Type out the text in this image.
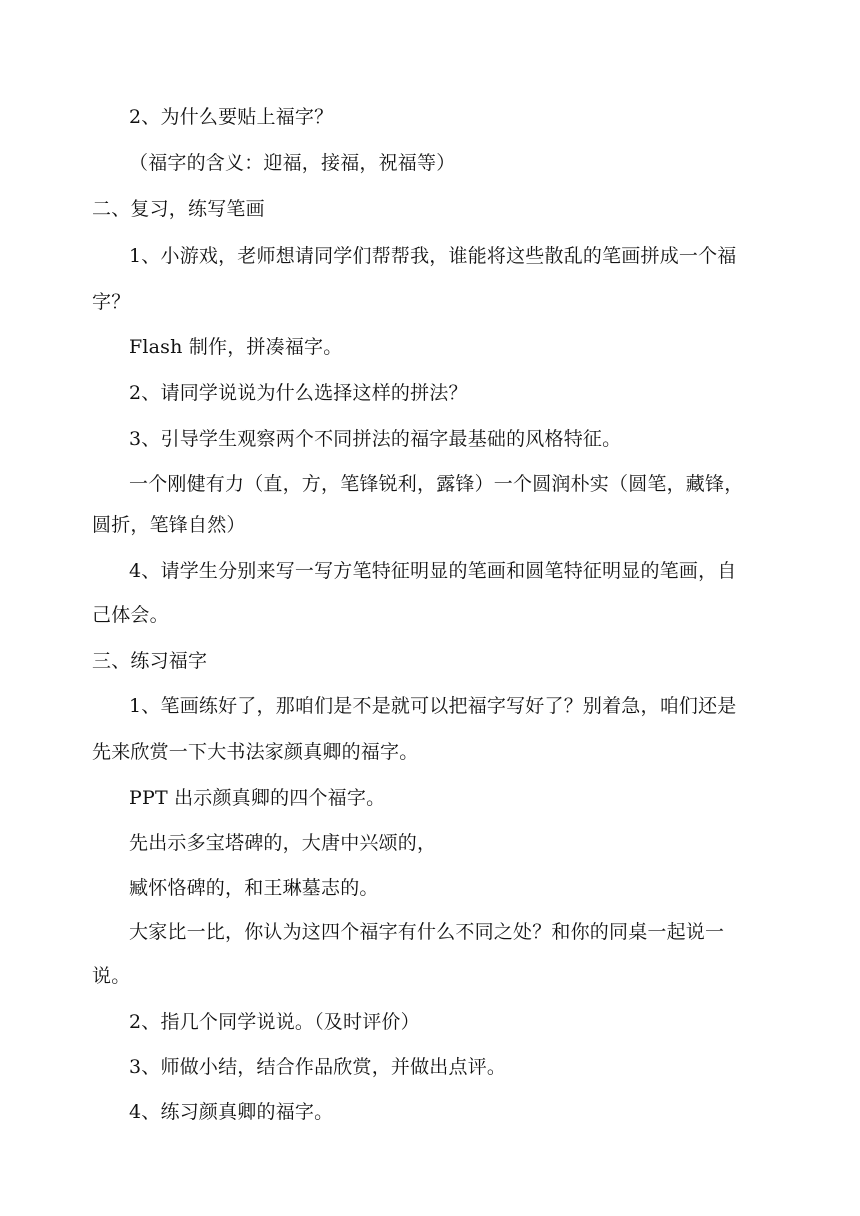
2、为什么要贴上福字？
（福字的含义：迎福，接福，祝福等）
二、复习，练写笔画
1、小游戏，老师想请同学们帮帮我，谁能将这些散乱的笔画拼成一个福
字？
Flash 制作，拼凑福字。
2、请同学说说为什么选择这样的拼法？
3、引导学生观察两个不同拼法的福字最基础的风格特征。
一个刚健有力（直，方，笔锋锐利，露锋）一个圆润朴实（圆笔，藏锋，
圆折，笔锋自然）
4、请学生分别来写一写方笔特征明显的笔画和圆笔特征明显的笔画，自
己体会。
三、练习福字
1、笔画练好了，那咱们是不是就可以把福字写好了？别着急，咱们还是
先来欣赏一下大书法家颜真卿的福字。
PPT 出示颜真卿的四个福字。
先出示多宝塔碑的，大唐中兴颂的，
臧怀恪碑的，和王琳墓志的。
大家比一比，你认为这四个福字有什么不同之处？和你的同桌一起说一
说。
2、指几个同学说说。（及时评价）
3、师做小结，结合作品欣赏，并做出点评。
4、练习颜真卿的福字。
